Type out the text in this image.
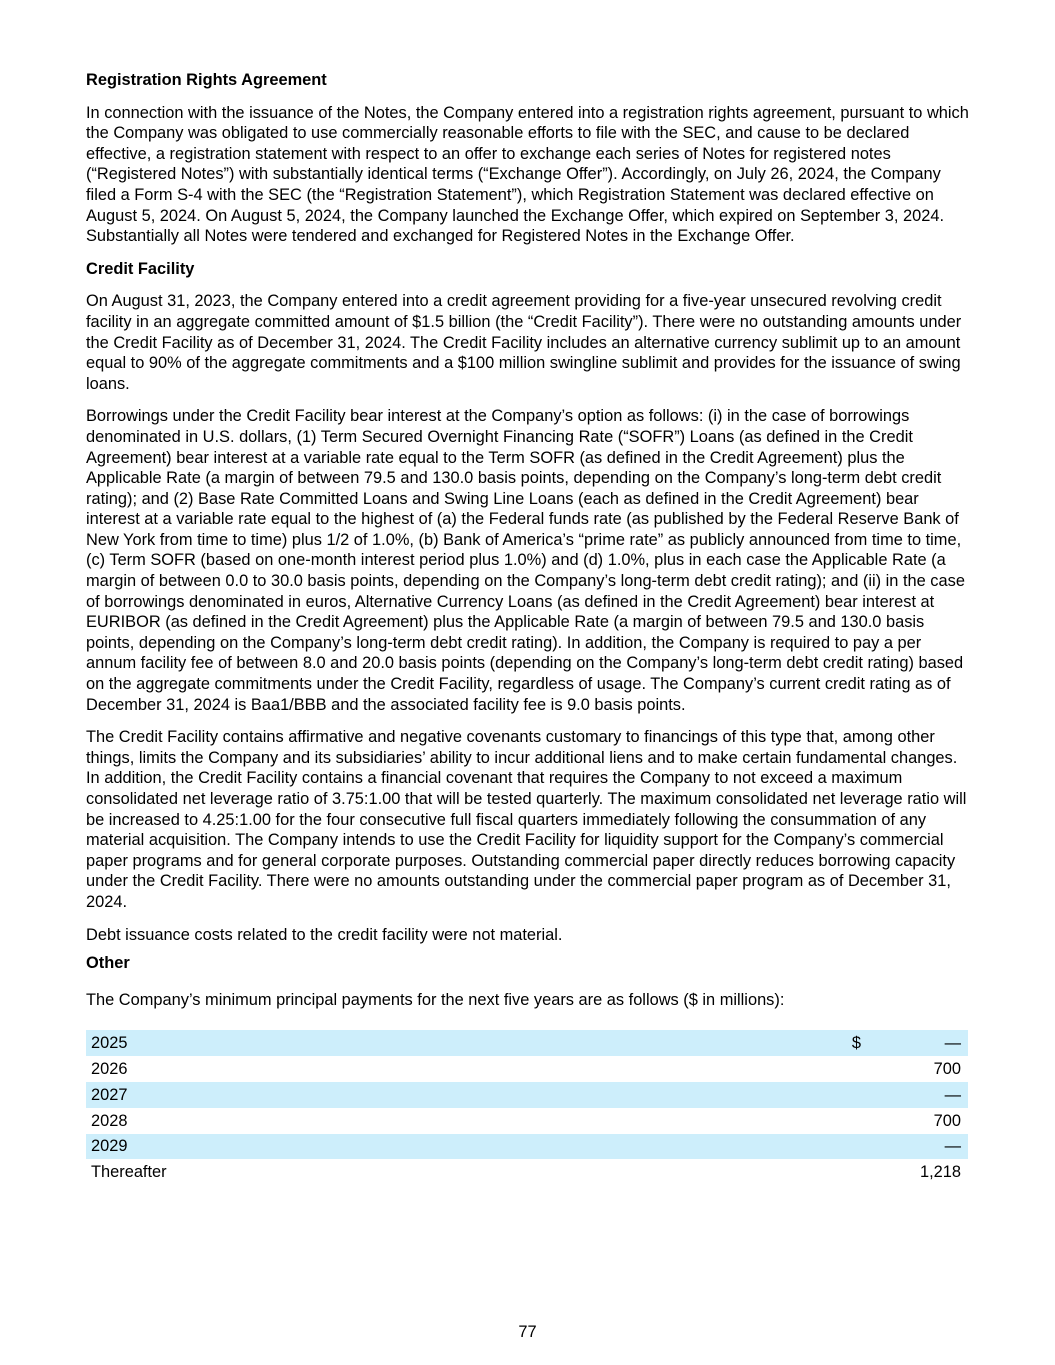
Registration Rights Agreement

In connection with the issuance of the Notes, the Company entered into a registration rights agreement, pursuant to which the Company was obligated to use commercially reasonable efforts to file with the SEC, and cause to be declared effective, a registration statement with respect to an offer to exchange each series of Notes for registered notes (“Registered Notes”) with substantially identical terms (“Exchange Offer”). Accordingly, on July 26, 2024, the Company filed a Form S-4 with the SEC (the “Registration Statement”), which Registration Statement was declared effective on August 5, 2024. On August 5, 2024, the Company launched the Exchange Offer, which expired on September 3, 2024. Substantially all Notes were tendered and exchanged for Registered Notes in the Exchange Offer.

Credit Facility

On August 31, 2023, the Company entered into a credit agreement providing for a five-year unsecured revolving credit facility in an aggregate committed amount of $1.5 billion (the “Credit Facility”). There were no outstanding amounts under the Credit Facility as of December 31, 2024. The Credit Facility includes an alternative currency sublimit up to an amount equal to 90% of the aggregate commitments and a $100 million swingline sublimit and provides for the issuance of swing loans.

Borrowings under the Credit Facility bear interest at the Company’s option as follows: (i) in the case of borrowings denominated in U.S. dollars, (1) Term Secured Overnight Financing Rate (“SOFR”) Loans (as defined in the Credit Agreement) bear interest at a variable rate equal to the Term SOFR (as defined in the Credit Agreement) plus the Applicable Rate (a margin of between 79.5 and 130.0 basis points, depending on the Company’s long-term debt credit rating); and (2) Base Rate Committed Loans and Swing Line Loans (each as defined in the Credit Agreement) bear interest at a variable rate equal to the highest of (a) the Federal funds rate (as published by the Federal Reserve Bank of New York from time to time) plus 1/2 of 1.0%, (b) Bank of America’s “prime rate” as publicly announced from time to time, (c) Term SOFR (based on one-month interest period plus 1.0%) and (d) 1.0%, plus in each case the Applicable Rate (a margin of between 0.0 to 30.0 basis points, depending on the Company’s long-term debt credit rating); and (ii) in the case of borrowings denominated in euros, Alternative Currency Loans (as defined in the Credit Agreement) bear interest at EURIBOR (as defined in the Credit Agreement) plus the Applicable Rate (a margin of between 79.5 and 130.0 basis points, depending on the Company’s long-term debt credit rating). In addition, the Company is required to pay a per annum facility fee of between 8.0 and 20.0 basis points (depending on the Company’s long-term debt credit rating) based on the aggregate commitments under the Credit Facility, regardless of usage. The Company’s current credit rating as of December 31, 2024 is Baa1/BBB and the associated facility fee is 9.0 basis points.

The Credit Facility contains affirmative and negative covenants customary to financings of this type that, among other things, limits the Company and its subsidiaries’ ability to incur additional liens and to make certain fundamental changes. In addition, the Credit Facility contains a financial covenant that requires the Company to not exceed a maximum consolidated net leverage ratio of 3.75:1.00 that will be tested quarterly. The maximum consolidated net leverage ratio will be increased to 4.25:1.00 for the four consecutive full fiscal quarters immediately following the consummation of any material acquisition. The Company intends to use the Credit Facility for liquidity support for the Company’s commercial paper programs and for general corporate purposes. Outstanding commercial paper directly reduces borrowing capacity under the Credit Facility. There were no amounts outstanding under the commercial paper program as of December 31, 2024.

Debt issuance costs related to the credit facility were not material.

Other

The Company’s minimum principal payments for the next five years are as follows ($ in millions):

2025	$	—
2026		700
2027		—
2028		700
2029		—
Thereafter		1,218
77
